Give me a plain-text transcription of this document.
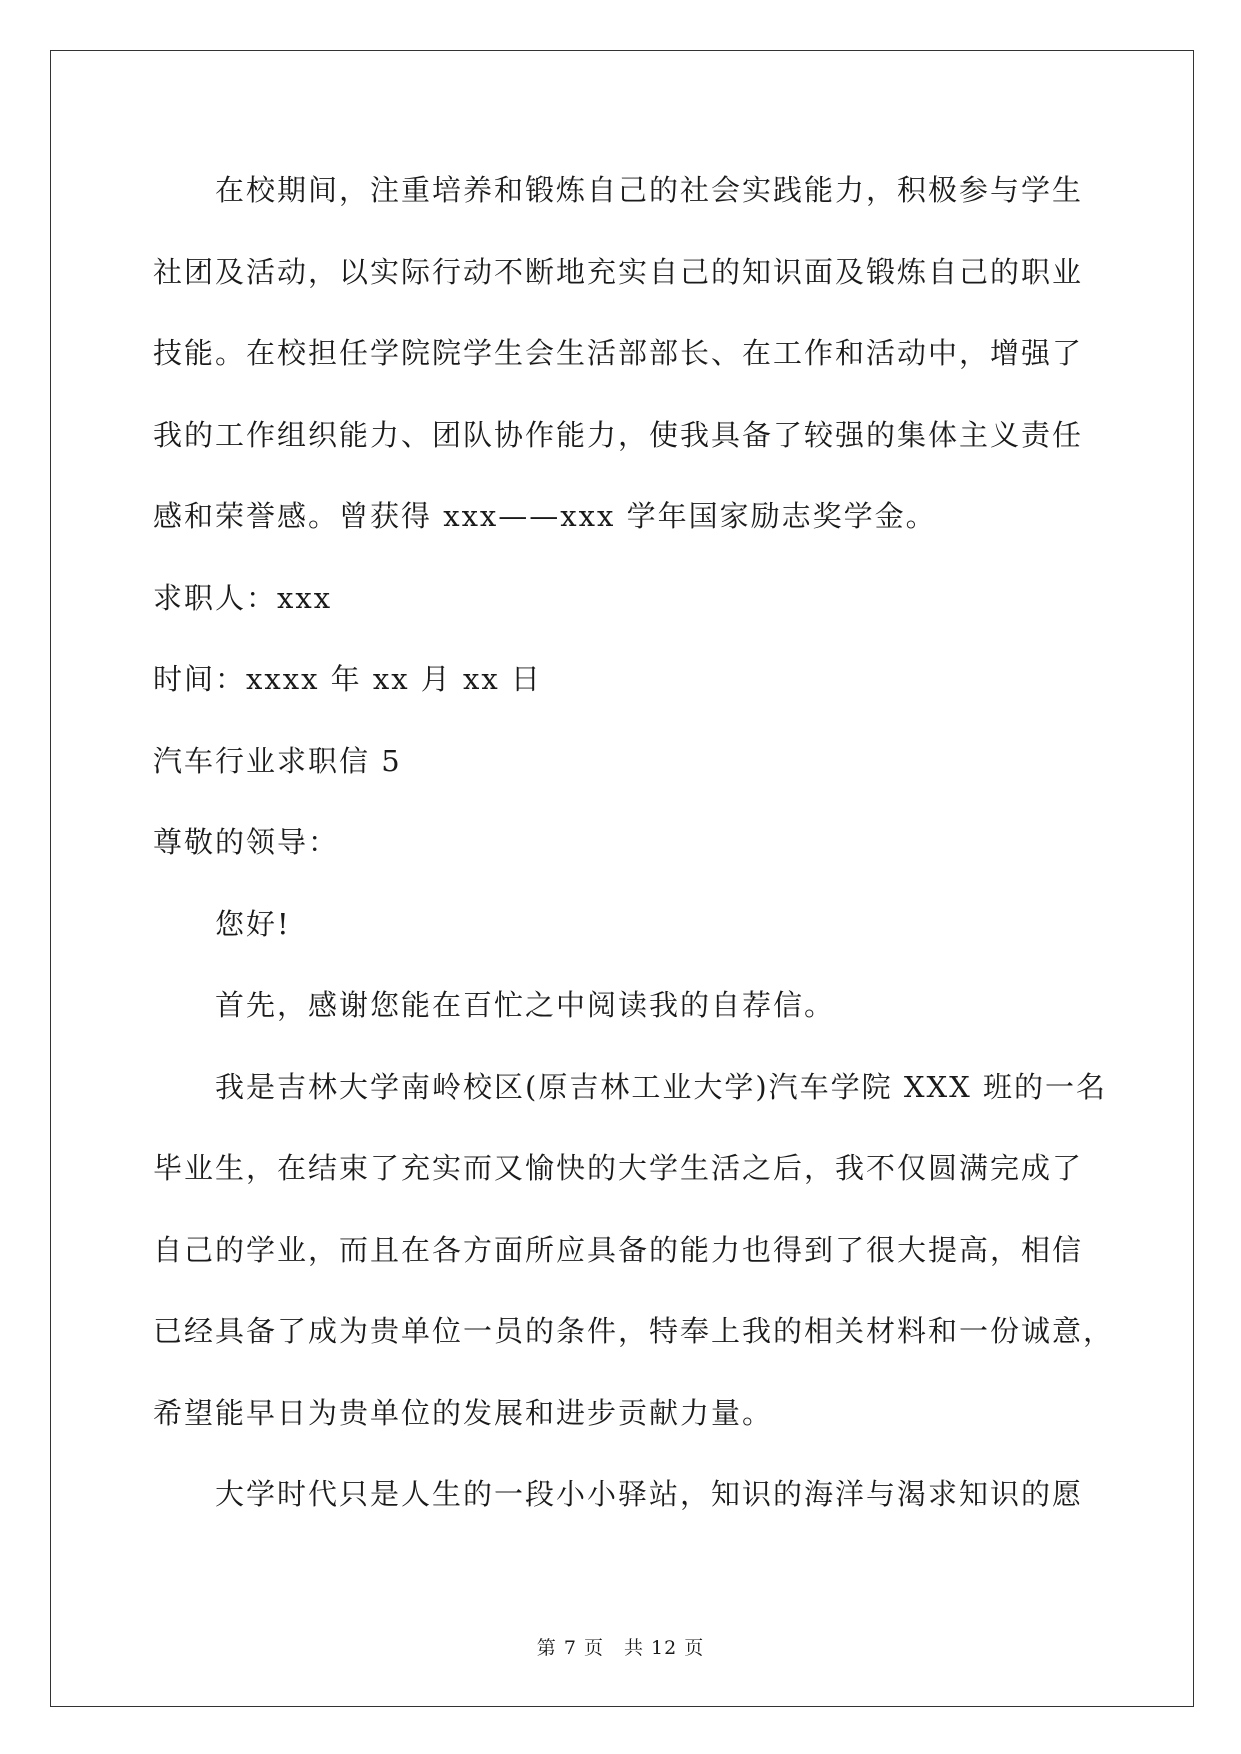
在校期间，注重培养和锻炼自己的社会实践能力，积极参与学生
社团及活动，以实际行动不断地充实自己的知识面及锻炼自己的职业
技能。在校担任学院院学生会生活部部长、在工作和活动中，增强了
我的工作组织能力、团队协作能力，使我具备了较强的集体主义责任
感和荣誉感。曾获得 xxx——xxx 学年国家励志奖学金。
求职人：xxx
时间：xxxx 年 xx 月 xx 日
汽车行业求职信 5
尊敬的领导：
您好!
首先，感谢您能在百忙之中阅读我的自荐信。
我是吉林大学南岭校区(原吉林工业大学)汽车学院 XXX 班的一名
毕业生，在结束了充实而又愉快的大学生活之后，我不仅圆满完成了
自己的学业，而且在各方面所应具备的能力也得到了很大提高，相信
已经具备了成为贵单位一员的条件，特奉上我的相关材料和一份诚意，
希望能早日为贵单位的发展和进步贡献力量。
大学时代只是人生的一段小小驿站，知识的海洋与渴求知识的愿
第 7 页　共 12 页
